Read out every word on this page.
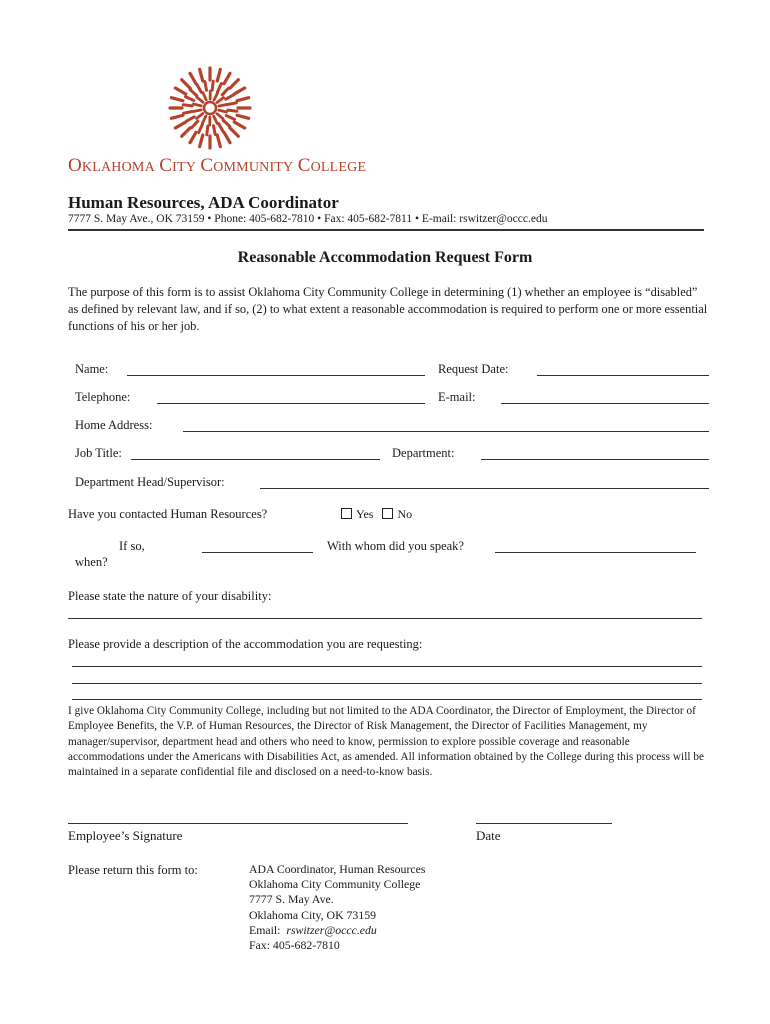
OKLAHOMA CITY COMMUNITY COLLEGE
Human Resources, ADA Coordinator
7777 S. May Ave., OK 73159 • Phone: 405-682-7810 • Fax: 405-682-7811 • E-mail: rswitzer@occc.edu
Reasonable Accommodation Request Form
The purpose of this form is to assist Oklahoma City Community College in determining (1) whether an employee is “disabled” as defined by relevant law, and if so, (2) to what extent a reasonable accommodation is required to perform one or more essential functions of his or her job.
Name:	Request Date:
Telephone:	E-mail:
Home Address:
Job Title:	Department:
Department Head/Supervisor:
Have you contacted Human Resources?	Yes No
If so,
when?
With whom did you speak?
Please state the nature of your disability:
Please provide a description of the accommodation you are requesting:
I give Oklahoma City Community College, including but not limited to the ADA Coordinator, the Director of Employment, the Director of Employee Benefits, the V.P. of Human Resources, the Director of Risk Management, the Director of Facilities Management, my manager/supervisor, department head and others who need to know, permission to explore possible coverage and reasonable accommodations under the Americans with Disabilities Act, as amended. All information obtained by the College during this process will be maintained in a separate confidential file and disclosed on a need-to-know basis.
Employee’s Signature	Date
Please return this form to:	ADA Coordinator, Human Resources
Oklahoma City Community College
7777 S. May Ave.
Oklahoma City, OK 73159
Email: rswitzer@occc.edu
Fax: 405-682-7810
